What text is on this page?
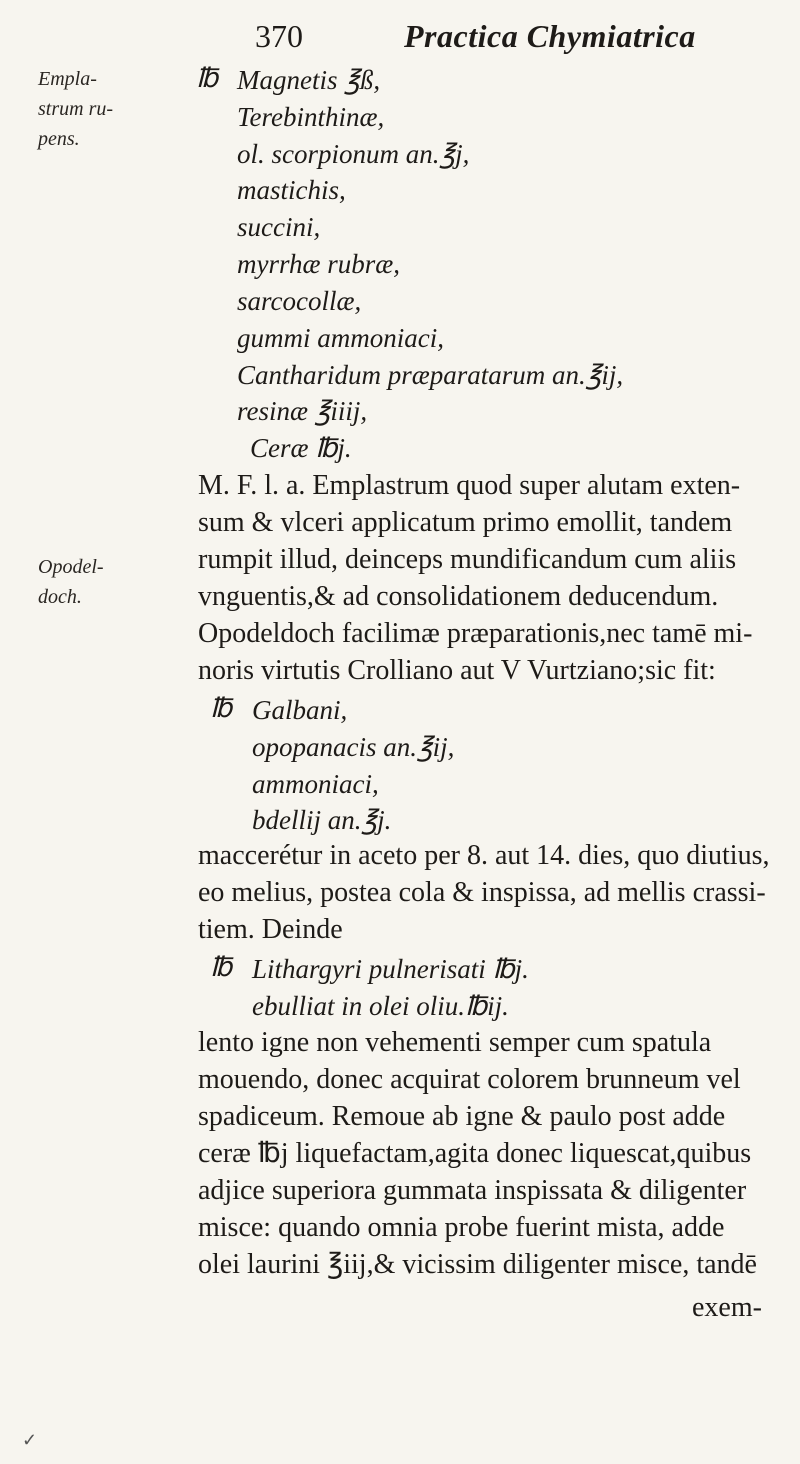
370	Practica Chymiatrica
Empla-
strum ru-
pens.
Opodel-
doch.
℔
Magnetis ℥ß,
Terebinthinæ,
ol. scorpionum an.℥j,
mastichis,
succini,
myrrhæ rubræ,
sarcocollæ,
gummi ammoniaci,
Cantharidum præparatarum an.℥ij,
resinæ ℥iiij,
Ceræ ℔j.
M. F. l. a. Emplastrum quod super alutam exten-
sum & vlceri applicatum primo emollit, tandem
rumpit illud, deinceps mundificandum cum aliis
vnguentis,& ad consolidationem deducendum.
Opodeldoch facilimæ præparationis,nec tamē mi-
noris virtutis Crolliano aut V Vurtziano;sic fit:
℔
Galbani,
opopanacis an.℥ij,
ammoniaci,
bdellij an.℥j.
maccerétur in aceto per 8. aut 14. dies, quo diutius,
eo melius, postea cola & inspissa, ad mellis crassi-
tiem. Deinde
℔
Lithargyri pulnerisati ℔j.
ebulliat in olei oliu.℔ij.
lento igne non vehementi semper cum spatula
mouendo, donec acquirat colorem brunneum vel
spadiceum. Remoue ab igne & paulo post adde
ceræ ℔j liquefactam,agita donec liquescat,quibus
adjice superiora gummata inspissata & diligenter
misce: quando omnia probe fuerint mista, adde
olei laurini ℥iij,& vicissim diligenter misce, tandē
exem-
✓
